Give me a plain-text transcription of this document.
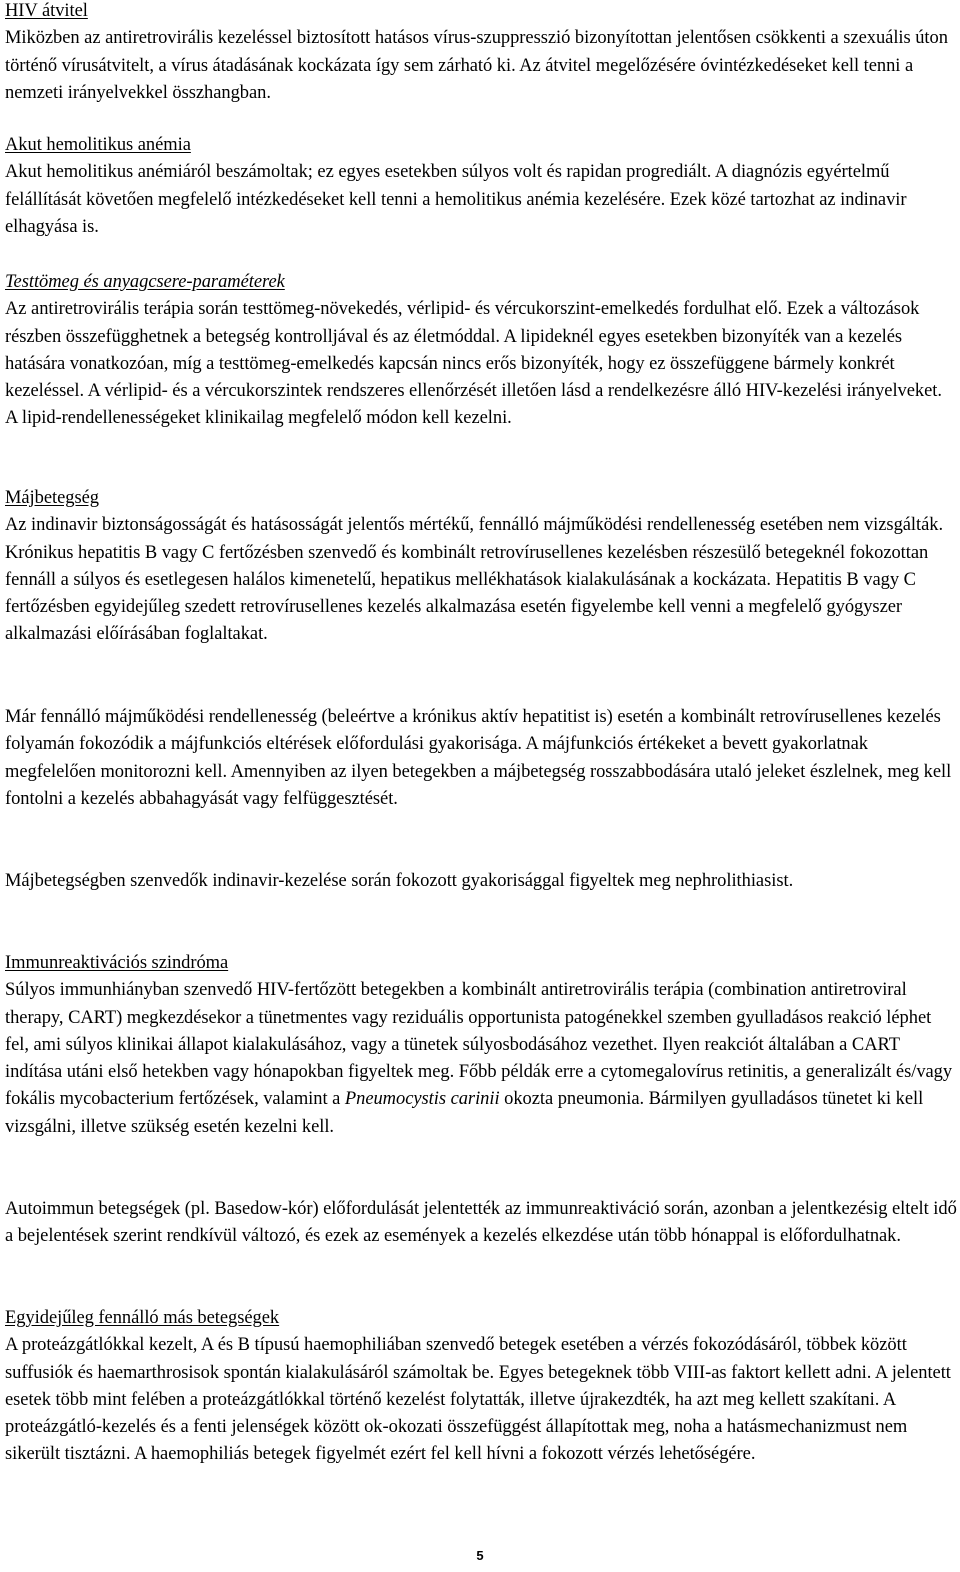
HIV átvitel

Miközben az antiretrovirális kezeléssel biztosított hatásos vírus-szuppresszió bizonyítottan jelentősen csökkenti a szexuális úton történő vírusátvitelt, a vírus átadásának kockázata így sem zárható ki. Az átvitel megelőzésére óvintézkedéseket kell tenni a nemzeti irányelvekkel összhangban.

Akut hemolitikus anémia

Akut hemolitikus anémiáról beszámoltak; ez egyes esetekben súlyos volt és rapidan progrediált. A diagnózis egyértelmű felállítását követően megfelelő intézkedéseket kell tenni a hemolitikus anémia kezelésére. Ezek közé tartozhat az indinavir elhagyása is.

Testtömeg és anyagcsere-paraméterek

Az antiretrovirális terápia során testtömeg-növekedés, vérlipid- és vércukorszint-emelkedés fordulhat elő. Ezek a változások részben összefügghetnek a betegség kontrolljával és az életmóddal. A lipideknél egyes esetekben bizonyíték van a kezelés hatására vonatkozóan, míg a testtömeg-emelkedés kapcsán nincs erős bizonyíték, hogy ez összefüggene bármely konkrét kezeléssel. A vérlipid- és a vércukorszintek rendszeres ellenőrzését illetően lásd a rendelkezésre álló HIV-kezelési irányelveket. A lipid-rendellenességeket klinikailag megfelelő módon kell kezelni.

Májbetegség

Az indinavir biztonságosságát és hatásosságát jelentős mértékű, fennálló májműködési rendellenesség esetében nem vizsgálták. Krónikus hepatitis B vagy C fertőzésben szenvedő és kombinált retrovírusellenes kezelésben részesülő betegeknél fokozottan fennáll a súlyos és esetlegesen halálos kimenetelű, hepatikus mellékhatások kialakulásának a kockázata. Hepatitis B vagy C fertőzésben egyidejűleg szedett retrovírusellenes kezelés alkalmazása esetén figyelembe kell venni a megfelelő gyógyszer alkalmazási előírásában foglaltakat.

Már fennálló májműködési rendellenesség (beleértve a krónikus aktív hepatitist is) esetén a kombinált retrovírusellenes kezelés folyamán fokozódik a májfunkciós eltérések előfordulási gyakorisága. A májfunkciós értékeket a bevett gyakorlatnak megfelelően monitorozni kell. Amennyiben az ilyen betegekben a májbetegség rosszabbodására utaló jeleket észlelnek, meg kell fontolni a kezelés abbahagyását vagy felfüggesztését.

Májbetegségben szenvedők indinavir-kezelése során fokozott gyakorisággal figyeltek meg nephrolithiasist.

Immunreaktivációs szindróma

Súlyos immunhiányban szenvedő HIV-fertőzött betegekben a kombinált antiretrovirális terápia (combination antiretroviral therapy, CART) megkezdésekor a tünetmentes vagy reziduális opportunista patogénekkel szemben gyulladásos reakció léphet fel, ami súlyos klinikai állapot kialakulásához, vagy a tünetek súlyosbodásához vezethet. Ilyen reakciót általában a CART indítása utáni első hetekben vagy hónapokban figyeltek meg. Főbb példák erre a cytomegalovírus retinitis, a generalizált és/vagy fokális mycobacterium fertőzések, valamint a Pneumocystis carinii okozta pneumonia. Bármilyen gyulladásos tünetet ki kell vizsgálni, illetve szükség esetén kezelni kell.

Autoimmun betegségek (pl. Basedow-kór) előfordulását jelentették az immunreaktiváció során, azonban a jelentkezésig eltelt idő a bejelentések szerint rendkívül változó, és ezek az események a kezelés elkezdése után több hónappal is előfordulhatnak.

Egyidejűleg fennálló más betegségek

A proteázgátlókkal kezelt, A és B típusú haemophiliában szenvedő betegek esetében a vérzés fokozódásáról, többek között suffusiók és haemarthrosisok spontán kialakulásáról számoltak be. Egyes betegeknek több VIII-as faktort kellett adni. A jelentett esetek több mint felében a proteázgátlókkal történő kezelést folytatták, illetve újrakezdték, ha azt meg kellett szakítani. A proteázgátló-kezelés és a fenti jelenségek között ok-okozati összefüggést állapítottak meg, noha a hatásmechanizmust nem sikerült tisztázni. A haemophiliás betegek figyelmét ezért fel kell hívni a fokozott vérzés lehetőségére.

5
